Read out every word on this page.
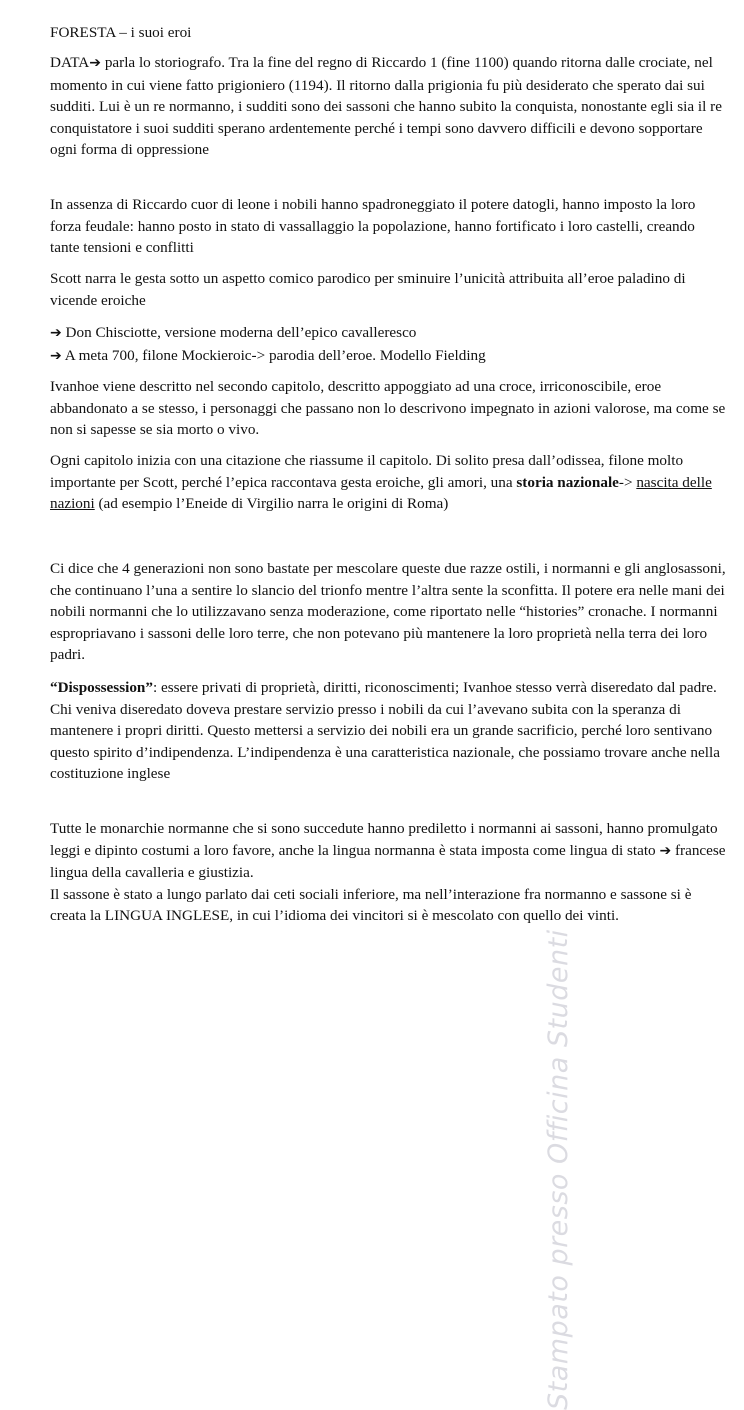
FORESTA – i suoi eroi

DATA➔ parla lo storiografo. Tra la fine del regno di Riccardo 1 (fine 1100) quando ritorna dalle crociate, nel momento in cui viene fatto prigioniero (1194). Il ritorno dalla prigionia fu più desiderato che sperato dai sui sudditi. Lui è un re normanno, i sudditi sono dei sassoni che hanno subito la conquista, nonostante egli sia il re conquistatore i suoi sudditi sperano ardentemente perché i tempi sono davvero difficili e devono sopportare ogni forma di oppressione

In assenza di Riccardo cuor di leone i nobili hanno spadroneggiato il potere datogli, hanno imposto la loro forza feudale: hanno posto in stato di vassallaggio la popolazione, hanno fortificato i loro castelli, creando tante tensioni e conflitti

Scott narra le gesta sotto un aspetto comico parodico per sminuire l’unicità attribuita all’eroe paladino di vicende eroiche

➔ Don Chisciotte, versione moderna dell’epico cavalleresco

➔ A meta 700, filone Mockieroic-> parodia dell’eroe. Modello Fielding

Ivanhoe viene descritto nel secondo capitolo, descritto appoggiato ad una croce, irriconoscibile, eroe abbandonato a se stesso, i personaggi che passano non lo descrivono impegnato in azioni valorose, ma come se non si sapesse se sia morto o vivo.

Ogni capitolo inizia con una citazione che riassume il capitolo. Di solito presa dall’odissea, filone molto importante per Scott, perché l’epica raccontava gesta eroiche, gli amori, una storia nazionale-> nascita delle nazioni (ad esempio l’Eneide di Virgilio narra le origini di Roma)

Ci dice che 4 generazioni non sono bastate per mescolare queste due razze ostili, i normanni e gli anglosassoni, che continuano l’una a sentire lo slancio del trionfo mentre l’altra sente la sconfitta. Il potere era nelle mani dei nobili normanni che lo utilizzavano senza moderazione, come riportato nelle “histories” cronache. I normanni espropriavano i sassoni delle loro terre, che non potevano più mantenere la loro proprietà nella terra dei loro padri.

“Dispossession”: essere privati di proprietà, diritti, riconoscimenti; Ivanhoe stesso verrà diseredato dal padre. Chi veniva diseredato doveva prestare servizio presso i nobili da cui l’avevano subita con la speranza di mantenere i propri diritti. Questo mettersi a servizio dei nobili era un grande sacrificio, perché loro sentivano questo spirito d’indipendenza. L’indipendenza è una caratteristica nazionale, che possiamo trovare anche nella costituzione inglese

Tutte le monarchie normanne che si sono succedute hanno prediletto i normanni ai sassoni, hanno promulgato leggi e dipinto costumi a loro favore, anche la lingua normanna è stata imposta come lingua di stato ➔ francese lingua della cavalleria e giustizia.

Il sassone è stato a lungo parlato dai ceti sociali inferiore, ma nell’interazione fra normanno e sassone si è creata la LINGUA INGLESE, in cui l’idioma dei vincitori si è mescolato con quello dei vinti.

Stampato presso Officina Studenti
